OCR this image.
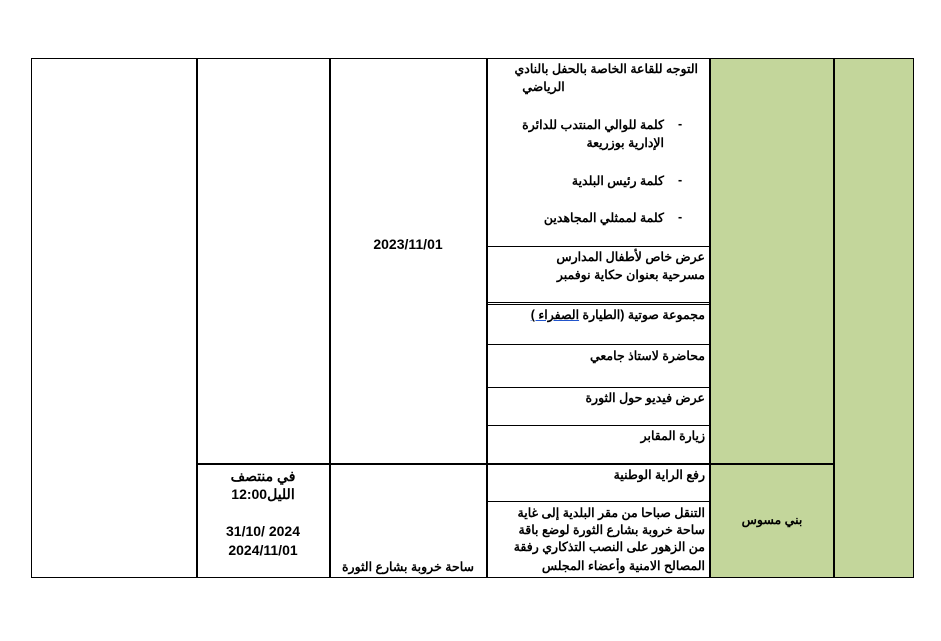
في منتصف
الليل12:00
31/10/ 2024
2024/11/01
2023/11/01
ساحة خروبة بشارع الثورة
التوجه للقاعة الخاصة بالحفل بالنادي
الرياضي
-
كلمة للوالي المنتدب للدائرة
الإدارية بوزريعة
-
كلمة رئيس البلدية
-
كلمة لممثلي المجاهدين
عرض خاص لأطفال المدارس
مسرحية بعنوان حكاية نوفمبر
مجموعة صوتية (الطيارة الصفراء )
محاضرة لاستاذ جامعي
عرض فيديو حول الثورة
زيارة المقابر
رفع الراية الوطنية
التنقل صباحا من مقر البلدية إلى غاية
ساحة خروبة بشارع الثورة لوضع باقة
من الزهور على النصب التذكاري رفقة
المصالح الامنية وأعضاء المجلس
بني مسوس
